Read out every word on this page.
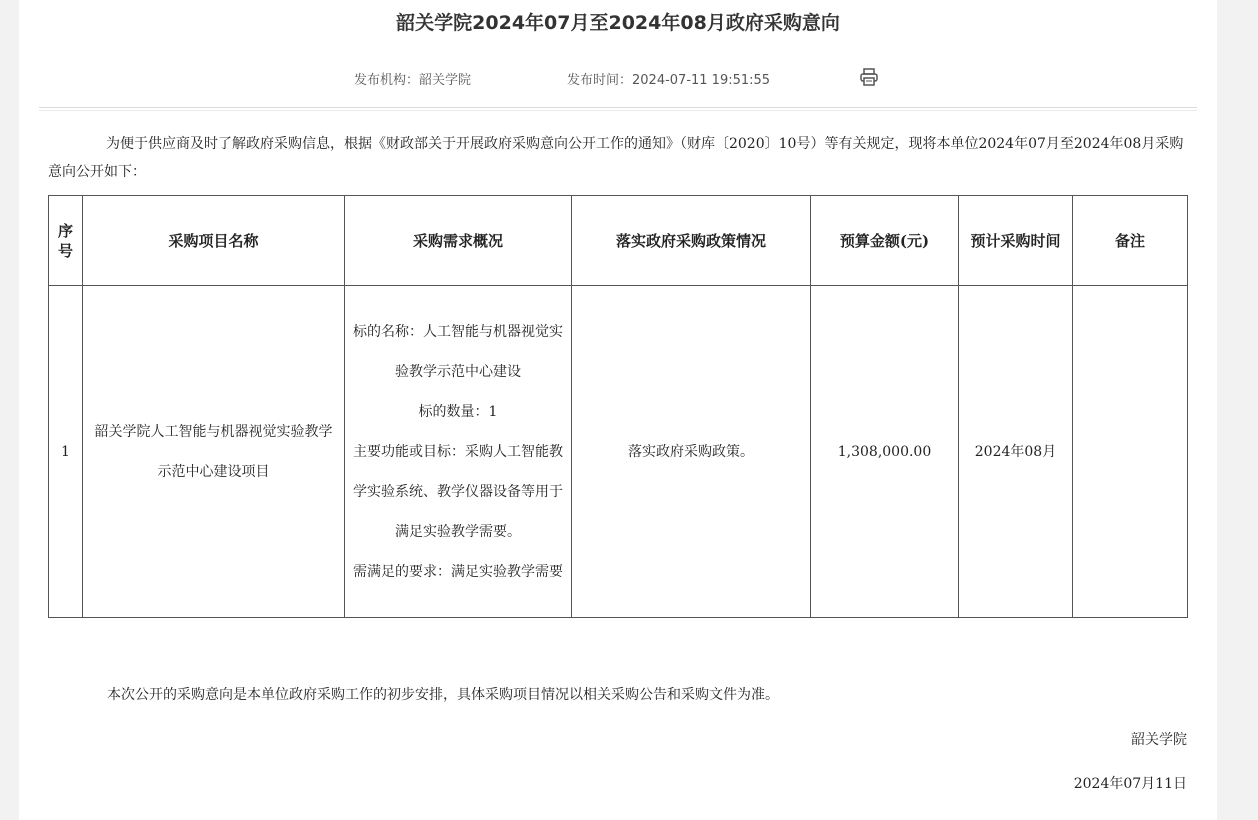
韶关学院2024年07月至2024年08月政府采购意向
发布机构：韶关学院	发布时间：2024-07-11 19:51:55
为便于供应商及时了解政府采购信息，根据《财政部关于开展政府采购意向公开工作的通知》（财库〔2020〕10号）等有关规定，现将本单位2024年07月至2024年08月采购意向公开如下：
序号	采购项目名称	采购需求概况	落实政府采购政策情况	预算金额(元)	预计采购时间	备注
1	韶关学院人工智能与机器视觉实验教学示范中心建设项目	标的名称：人工智能与机器视觉实验教学示范中心建设
标的数量：1
主要功能或目标：采购人工智能教学实验系统、教学仪器设备等用于满足实验教学需要。
需满足的要求：满足实验教学需要	落实政府采购政策。	1,308,000.00	2024年08月	
本次公开的采购意向是本单位政府采购工作的初步安排，具体采购项目情况以相关采购公告和采购文件为准。
韶关学院
2024年07月11日
